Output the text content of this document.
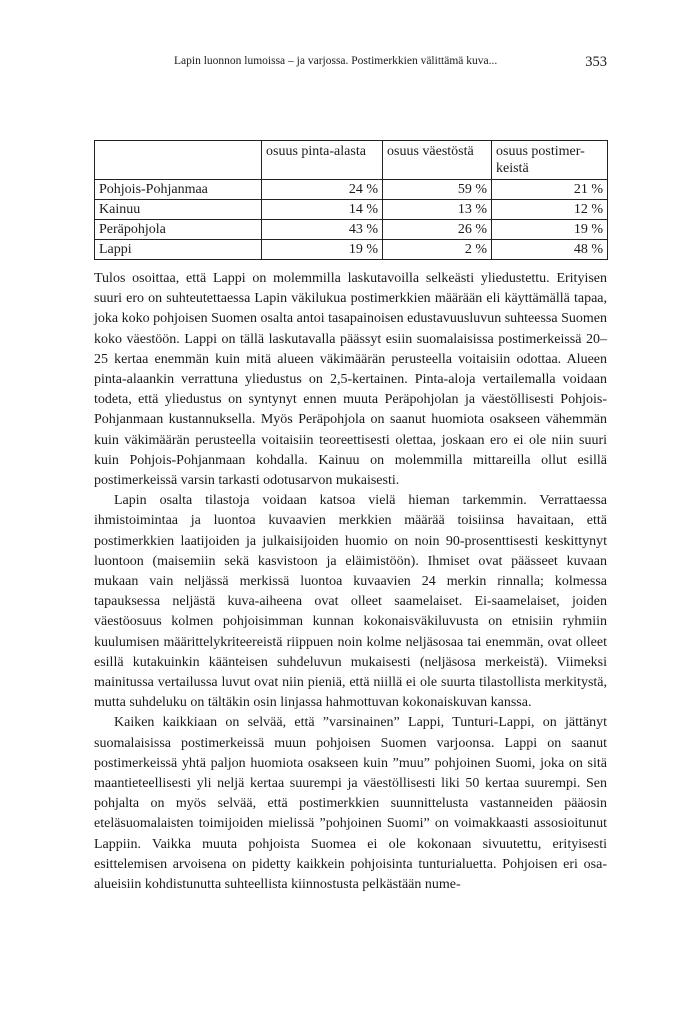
Lapin luonnon lumoissa – ja varjossa. Postimerkkien välittämä kuva...	353
	osuus pinta-alasta	osuus väestöstä	osuus postimer-keistä
Pohjois-Pohjanmaa	24 %	59 %	21 %
Kainuu	14 %	13 %	12 %
Peräpohjola	43 %	26 %	19 %
Lappi	19 %	2 %	48 %

Tulos osoittaa, että Lappi on molemmilla laskutavoilla selkeästi yliedustettu. Erityisen suuri ero on suhteutettaessa Lapin väkilukua postimerkkien määrään eli käyttämällä tapaa, joka koko pohjoisen Suomen osalta antoi tasapainoisen edustavuusluvun suhteessa Suomen koko väestöön. Lappi on tällä laskutavalla päässyt esiin suomalaisissa postimerkeissä 20–25 kertaa enemmän kuin mitä alueen väkimäärän perusteella voitaisiin odottaa. Alueen pinta-alaankin verrattuna yliedustus on 2,5-kertainen. Pinta-aloja vertailemalla voidaan todeta, että yliedustus on syntynyt ennen muuta Peräpohjolan ja väestöllisesti Pohjois-Pohjanmaan kustannuksella. Myös Peräpohjola on saanut huomiota osakseen vähemmän kuin väkimäärän perusteella voitaisiin teoreettisesti olettaa, joskaan ero ei ole niin suuri kuin Pohjois-Pohjanmaan kohdalla. Kainuu on molemmilla mittareilla ollut esillä postimerkeissä varsin tarkasti odotusarvon mukaisesti.

Lapin osalta tilastoja voidaan katsoa vielä hieman tarkemmin. Verrattaessa ihmistoimintaa ja luontoa kuvaavien merkkien määrää toisiinsa havaitaan, että postimerkkien laatijoiden ja julkaisijoiden huomio on noin 90-prosenttisesti keskittynyt luontoon (maisemiin sekä kasvistoon ja eläimistöön). Ihmiset ovat päässeet kuvaan mukaan vain neljässä merkissä luontoa kuvaavien 24 merkin rinnalla; kolmessa tapauksessa neljästä kuva-aiheena ovat olleet saamelaiset. Ei-saamelaiset, joiden väestöosuus kolmen pohjoisimman kunnan kokonaisväkiluvusta on etnisiin ryhmiin kuulumisen määrittelykriteereistä riippuen noin kolme neljäsosaa tai enemmän, ovat olleet esillä kutakuinkin käänteisen suhdeluvun mukaisesti (neljäsosa merkeistä). Viimeksi mainitussa vertailussa luvut ovat niin pieniä, että niillä ei ole suurta tilastollista merkitystä, mutta suhdeluku on tältäkin osin linjassa hahmottuvan kokonaiskuvan kanssa.

Kaiken kaikkiaan on selvää, että ”varsinainen” Lappi, Tunturi-Lappi, on jättänyt suomalaisissa postimerkeissä muun pohjoisen Suomen varjoonsa. Lappi on saanut postimerkeissä yhtä paljon huomiota osakseen kuin ”muu” pohjoinen Suomi, joka on sitä maantieteellisesti yli neljä kertaa suurempi ja väestöllisesti liki 50 kertaa suurempi. Sen pohjalta on myös selvää, että postimerkkien suunnittelusta vastanneiden pääosin eteläsuomalaisten toimijoiden mielissä ”pohjoinen Suomi” on voimakkaasti assosioitunut Lappiin. Vaikka muuta pohjoista Suomea ei ole kokonaan sivuutettu, erityisesti esittelemisen arvoisena on pidetty kaikkein pohjoisinta tunturialuetta. Pohjoisen eri osa-alueisiin kohdistunutta suhteellista kiinnostusta pelkästään nume-
